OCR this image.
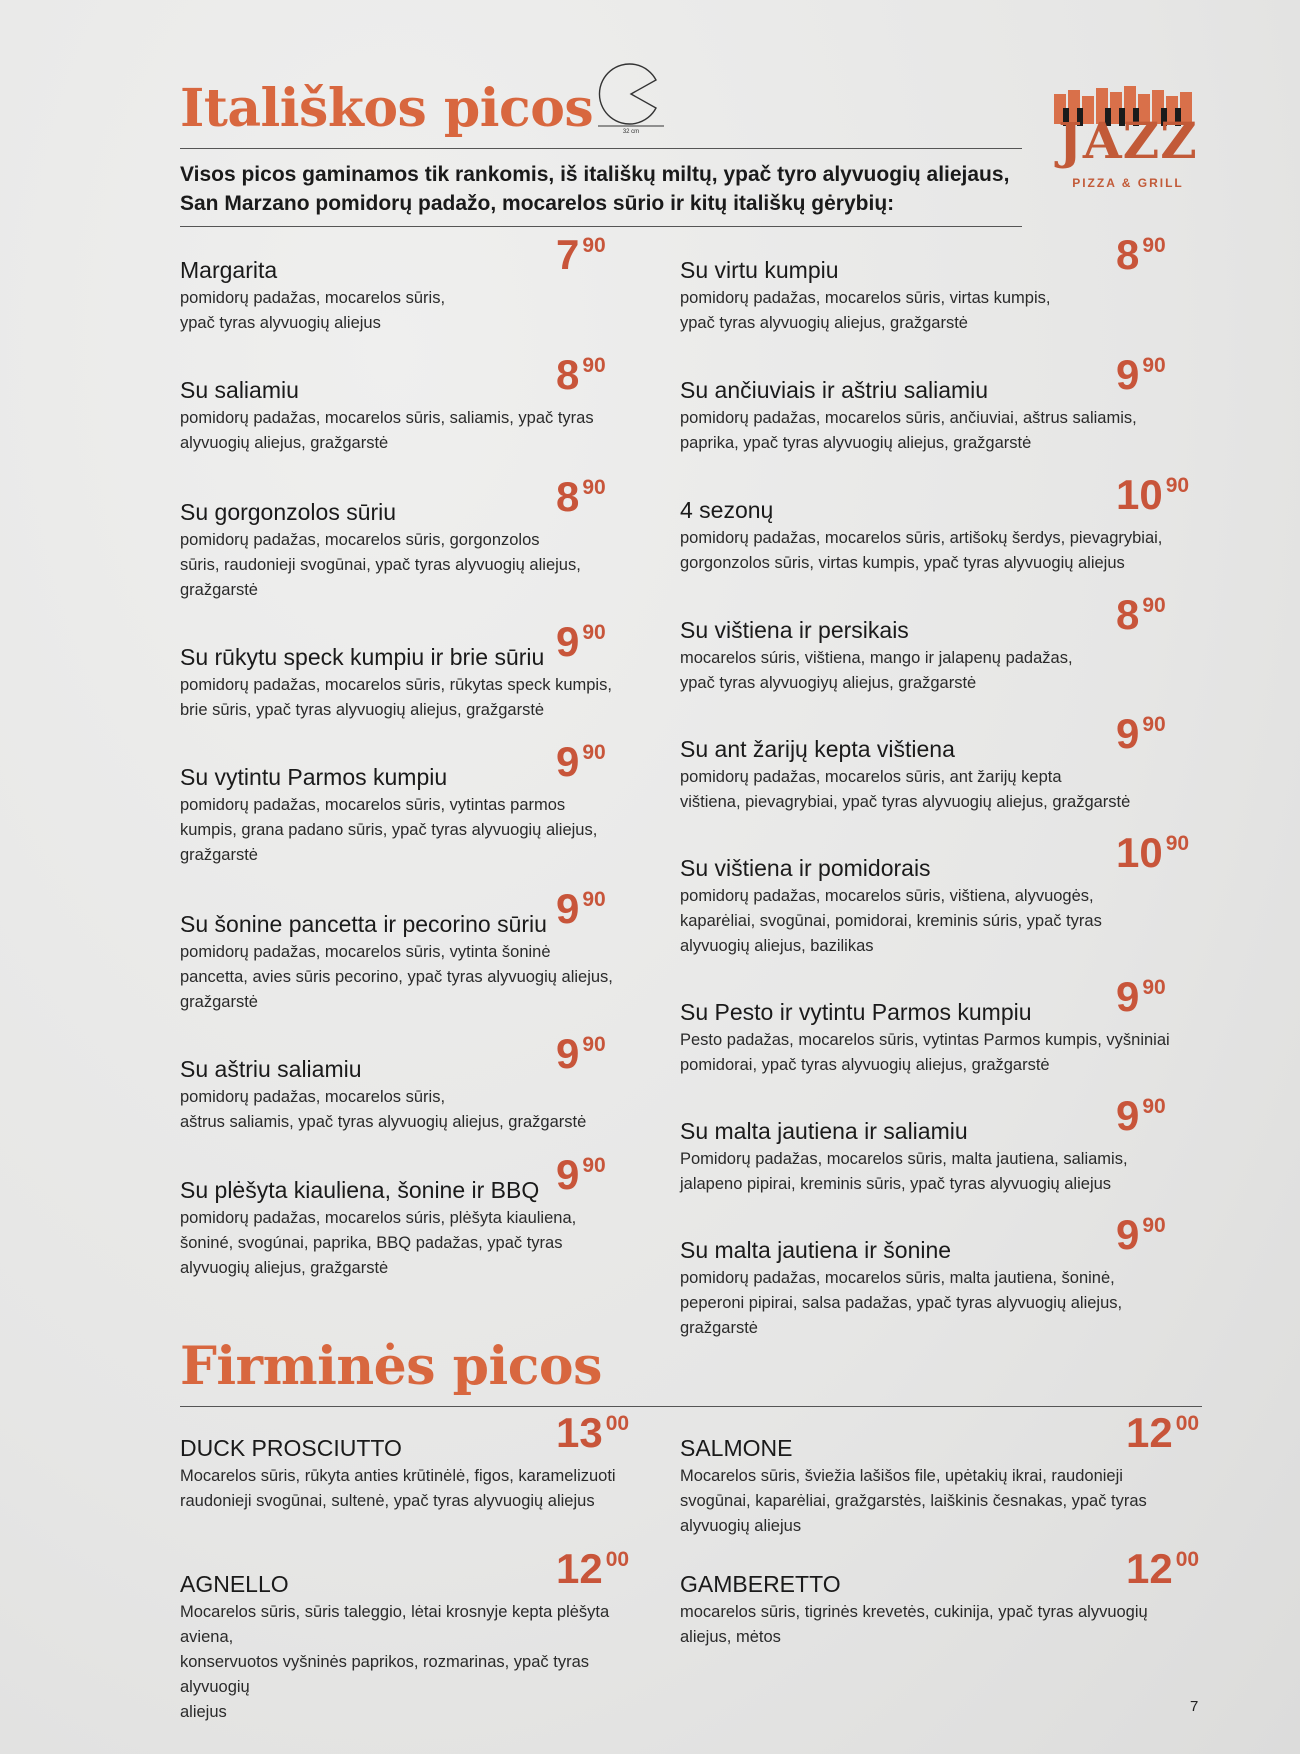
Itališkos picos	32 cm
Visos picos gaminamos tik rankomis, iš itališkų miltų, ypač tyro alyvuogių aliejaus,
San Marzano pomidorų padažo, mocarelos sūrio ir kitų itališkų gėrybių:
JAZZ
PIZZA & GRILL
Margarita	7 90
pomidorų padažas, mocarelos sūris,
ypač tyras alyvuogių aliejus
Su saliamiu	8 90
pomidorų padažas, mocarelos sūris, saliamis, ypač tyras
alyvuogių aliejus, gražgarstė
Su gorgonzolos sūriu	8 90
pomidorų padažas, mocarelos sūris, gorgonzolos
sūris, raudonieji svogūnai, ypač tyras alyvuogių aliejus,
gražgarstė
Su rūkytu speck kumpiu ir brie sūriu 9 90
pomidorų padažas, mocarelos sūris, rūkytas speck kumpis,
brie sūris, ypač tyras alyvuogių aliejus, gražgarstė
Su vytintu Parmos kumpiu	9 90
pomidorų padažas, mocarelos sūris, vytintas parmos
kumpis, grana padano sūris, ypač tyras alyvuogių aliejus,
gražgarstė
Su šonine pancetta ir pecorino sūriu 9 90
pomidorų padažas, mocarelos sūris, vytinta šoninė
pancetta, avies sūris pecorino, ypač tyras alyvuogių aliejus,
gražgarstė
Su aštriu saliamiu	9 90
pomidorų padažas, mocarelos sūris,
aštrus saliamis, ypač tyras alyvuogių aliejus, gražgarstė
Su plėšyta kiauliena, šonine ir BBQ 9 90
pomidorų padažas, mocarelos súris, plėšyta kiauliena,
šoniné, svogúnai, paprika, BBQ padažas, ypač tyras
alyvuogių aliejus, gražgarstė
Su virtu kumpiu	8 90
pomidorų padažas, mocarelos sūris, virtas kumpis,
ypač tyras alyvuogių aliejus, gražgarstė
Su ančiuviais ir aštriu saliamiu	9 90
pomidorų padažas, mocarelos sūris, ančiuviai, aštrus saliamis,
paprika, ypač tyras alyvuogių aliejus, gražgarstė
4 sezonų	10 90
pomidorų padažas, mocarelos sūris, artišokų šerdys, pievagrybiai,
gorgonzolos sūris, virtas kumpis, ypač tyras alyvuogių aliejus
Su vištiena ir persikais	8 90
mocarelos súris, vištiena, mango ir jalapenų padažas,
ypač tyras alyvuogiyų aliejus, gražgarstė
Su ant žarijų kepta vištiena	9 90
pomidorų padažas, mocarelos sūris, ant žarijų kepta
vištiena, pievagrybiai, ypač tyras alyvuogių aliejus, gražgarstė
Su vištiena ir pomidorais	10 90
pomidorų padažas, mocarelos sūris, vištiena, alyvuogės,
kaparėliai, svogūnai, pomidorai, kreminis súris, ypač tyras
alyvuogių aliejus, bazilikas
Su Pesto ir vytintu Parmos kumpiu	9 90
Pesto padažas, mocarelos sūris, vytintas Parmos kumpis, vyšniniai
pomidorai, ypač tyras alyvuogių aliejus, gražgarstė
Su malta jautiena ir saliamiu	9 90
Pomidorų padažas, mocarelos sūris, malta jautiena, saliamis,
jalapeno pipirai, kreminis sūris, ypač tyras alyvuogių aliejus
Su malta jautiena ir šonine	9 90
pomidorų padažas, mocarelos sūris, malta jautiena, šoninė,
peperoni pipirai, salsa padažas, ypač tyras alyvuogių aliejus,
gražgarstė
Firminės picos
DUCK PROSCIUTTO	13 00
Mocarelos sūris, rūkyta anties krūtinėlė, figos, karamelizuoti
raudonieji svogūnai, sultenė, ypač tyras alyvuogių aliejus
AGNELLO	12 00
Mocarelos sūris, sūris taleggio, lėtai krosnyje kepta plėšyta aviena,
konservuotos vyšninės paprikos, rozmarinas, ypač tyras alyvuogių
aliejus
SALMONE	12 00
Mocarelos sūris, šviežia lašišos file, upėtakių ikrai, raudonieji
svogūnai, kaparėliai, gražgarstės, laiškinis česnakas, ypač tyras
alyvuogių aliejus
GAMBERETTO	12 00
mocarelos sūris, tigrinės krevetės, cukinija, ypač tyras alyvuogių
aliejus, mėtos
7
